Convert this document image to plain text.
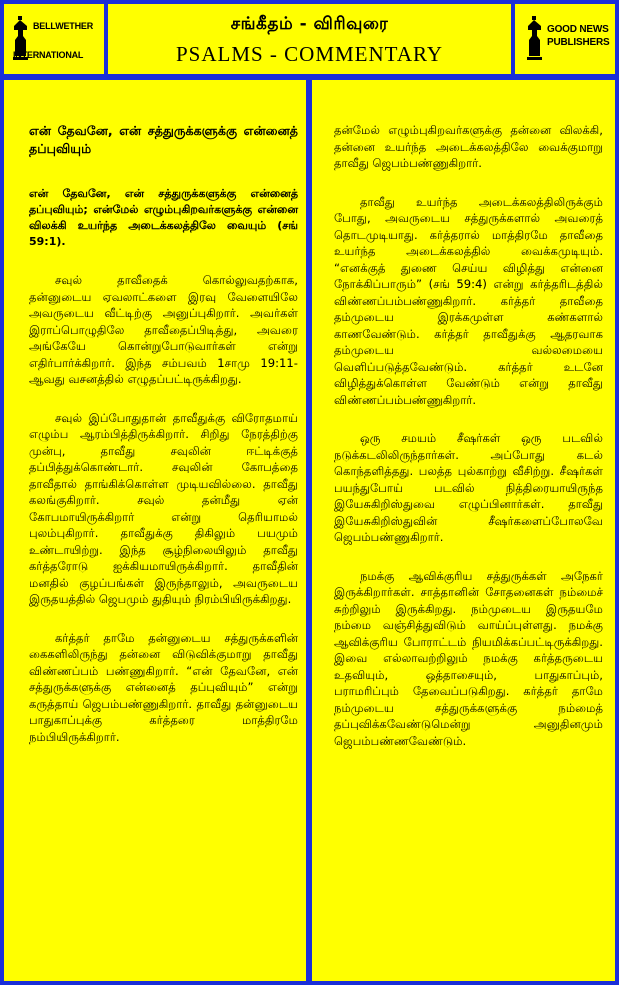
BELLWETHER
INTERNATIONAL
சங்கீதம் - விரிவுரை
PSALMS - COMMENTARY
GOOD NEWS
PUBLISHERS

என் தேவனே, என் சத்துருக்களுக்கு என்னைத் தப்புவியும்

என் தேவனே, என் சத்துருக்களுக்கு என்னைத் தப்புவியும்; என்மேல் எழும்புகிறவர்களுக்கு என்னை விலக்கி உயர்ந்த அடைக்கலத்திலே வையும் (சங் 59:1).

சவுல் தாவீதைக் கொல்லுவதற்காக, தன்னுடைய ஏவலாட்களை இரவு வேளையிலே அவருடைய வீட்டிற்கு அனுப்புகிறார். அவர்கள் இராப்பொழுதிலே தாவீதைப்பிடித்து, அவரை அங்கேயே கொன்றுபோடுவார்கள் என்று எதிர்பார்க்கிறார். இந்த சம்பவம் 1சாமு 19:11-ஆவது வசனத்தில் எழுதப்பட்டிருக்கிறது.

சவுல் இப்போதுதான் தாவீதுக்கு விரோதமாய் எழும்ப ஆரம்பித்திருக்கிறார். சிறிது நேரத்திற்கு முன்பு, தாவீது சவுலின் ஈட்டிக்குத் தப்பித்துக்கொண்டார். சவுலின் கோபத்தை தாவீதால் தாங்கிக்கொள்ள முடியவில்லை. தாவீது கலங்குகிறார். சவுல் தன்மீது ஏன் கோபமாயிருக்கிறார் என்று தெரியாமல் புலம்புகிறார். தாவீதுக்கு திகிலும் பயமும் உண்டாயிற்று. இந்த சூழ்நிலையிலும் தாவீது கர்த்தரோடு ஐக்கியமாயிருக்கிறார். தாவீதின் மனதில் குழப்பங்கள் இருந்தாலும், அவருடைய இருதயத்தில் ஜெபமும் துதியும் நிரம்பியிருக்கிறது.

கர்த்தர் தாமே தன்னுடைய சத்துருக்களின் கைகளிலிருந்து தன்னை விடுவிக்குமாறு தாவீது விண்ணப்பம் பண்ணுகிறார். “என் தேவனே, என் சத்துருக்களுக்கு என்னைத் தப்புவியும்” என்று கருத்தாய் ஜெபம்பண்ணுகிறார். தாவீது தன்னுடைய பாதுகாப்புக்கு கர்த்தரை மாத்திரமே நம்பியிருக்கிறார்.

தன்மேல் எழும்புகிறவர்களுக்கு தன்னை விலக்கி, தன்னை உயர்ந்த அடைக்கலத்திலே வைக்குமாறு தாவீது ஜெபம்பண்ணுகிறார்.

தாவீது உயர்ந்த அடைக்கலத்திலிருக்கும் போது, அவருடைய சத்துருக்களால் அவரைத் தொடமுடியாது. கர்த்தரால் மாத்திரமே தாவீதை உயர்ந்த அடைக்கலத்தில் வைக்கமுடியும். “எனக்குத் துணை செய்ய விழித்து என்னை நோக்கிப்பாரும்” (சங் 59:4) என்று கர்த்தரிடத்தில் விண்ணப்பம்பண்ணுகிறார். கர்த்தர் தாவீதை தம்முடைய இரக்கமுள்ள கண்களால் காணவேண்டும். கர்த்தர் தாவீதுக்கு ஆதரவாக தம்முடைய வல்லமையை வெளிப்படுத்தவேண்டும். கர்த்தர் உடனே விழித்துக்கொள்ள வேண்டும் என்று தாவீது விண்ணப்பம்பண்ணுகிறார்.

ஒரு சமயம் சீஷர்கள் ஒரு படவில் நடுக்கடலிலிருந்தார்கள். அப்போது கடல் கொந்தளித்தது. பலத்த புல்காற்று வீசிற்று. சீஷர்கள் பயந்துபோய் படவில் நித்திரையாயிருந்த இயேசுகிறிஸ்துவை எழுப்பினார்கள். தாவீது இயேசுகிறிஸ்துவின் சீஷர்களைப்போலவே ஜெபம்பண்ணுகிறார்.

நமக்கு ஆவிக்குரிய சத்துருக்கள் அநேகர் இருக்கிறார்கள். சாத்தானின் சோதனைகள் நம்மைச் சுற்றிலும் இருக்கிறது. நம்முடைய இருதயமே நம்மை வஞ்சித்துவிடும் வாய்ப்புள்ளது. நமக்கு ஆவிக்குரிய போராட்டம் நியமிக்கப்பட்டிருக்கிறது. இவை எல்லாவற்றிலும் நமக்கு கர்த்தருடைய உதவியும், ஒத்தாசையும், பாதுகாப்பும், பராமரிப்பும் தேவைப்படுகிறது. கர்த்தர் தாமே நம்முடைய சத்துருக்களுக்கு நம்மைத் தப்புவிக்கவேண்டுமென்று அனுதினமும் ஜெபம்பண்ணவேண்டும்.
